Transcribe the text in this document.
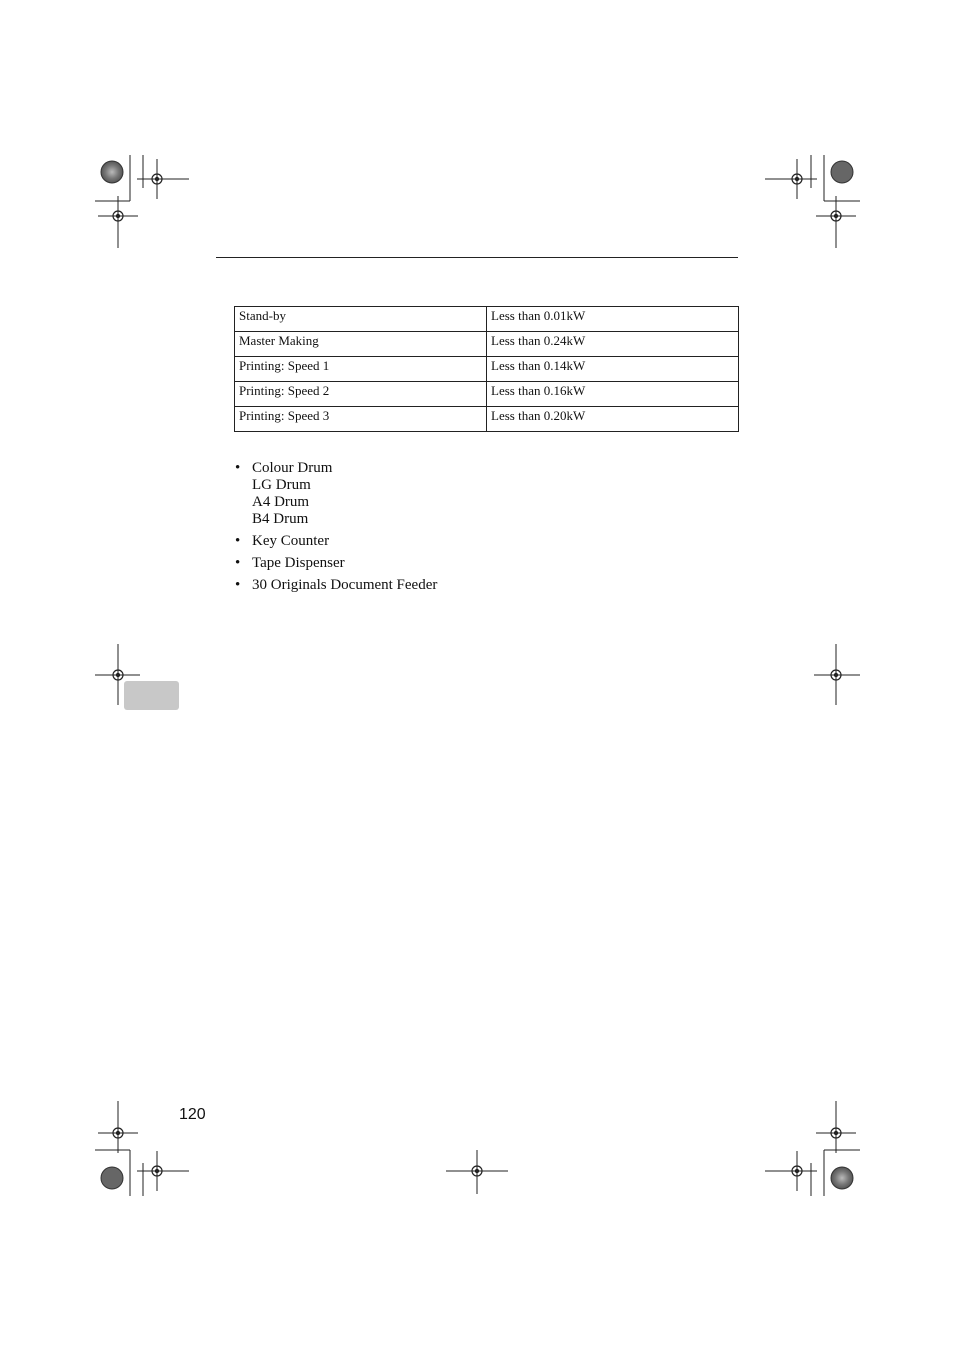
Stand-by	Less than 0.01kW
Master Making	Less than 0.24kW
Printing: Speed 1	Less than 0.14kW
Printing: Speed 2	Less than 0.16kW
Printing: Speed 3	Less than 0.20kW
• Colour Drum
LG Drum
A4 Drum
B4 Drum
• Key Counter
• Tape Dispenser
• 30 Originals Document Feeder
120
